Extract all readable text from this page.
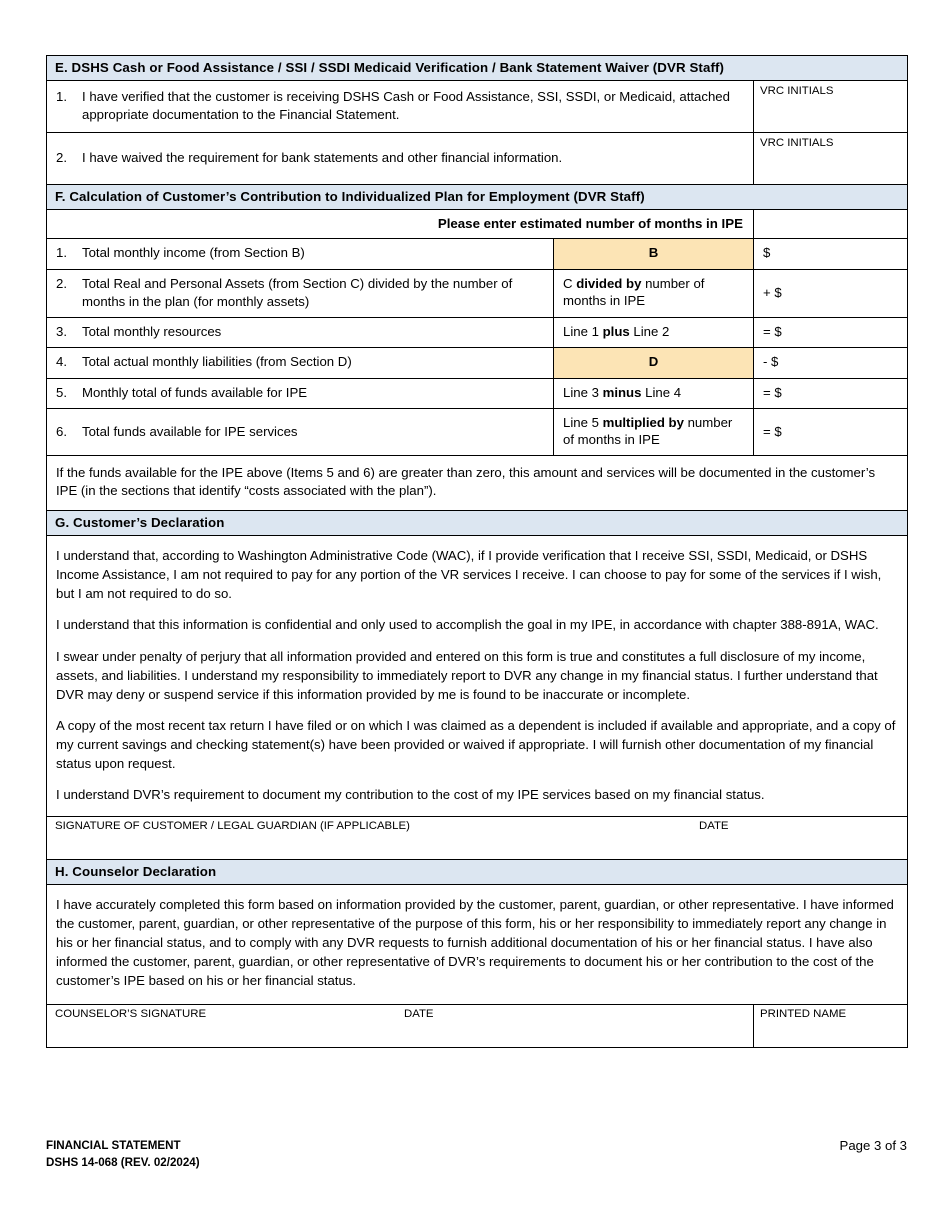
E. DSHS Cash or Food Assistance / SSI / SSDI Medicaid Verification / Bank Statement Waiver (DVR Staff)		

1. I have verified that the customer is receiving DSHS Cash or Food Assistance, SSI, SSDI, or Medicaid, attached appropriate documentation to the Financial Statement.		VRC INITIALS

2. I have waived the requirement for bank statements and other financial information.		VRC INITIALS

F. Calculation of Customer’s Contribution to Individualized Plan for Employment (DVR Staff)		
Please enter estimated number of months in IPE		

1. Total monthly income (from Section B)	B	$

2. Total Real and Personal Assets (from Section C) divided by the number of months in the plan (for monthly assets)	C divided by number of months in IPE	+ $

3. Total monthly resources	Line 1 plus Line 2	= $

4. Total actual monthly liabilities (from Section D)	D	- $

5. Monthly total of funds available for IPE	Line 3 minus Line 4	= $

6. Total funds available for IPE services	Line 5 multiplied by number of months in IPE	= $
If the funds available for the IPE above (Items 5 and 6) are greater than zero, this amount and services will be documented in the customer’s IPE (in the sections that identify “costs associated with the plan”).		
G. Customer’s Declaration		

I understand that, according to Washington Administrative Code (WAC), if I provide verification that I receive SSI, SSDI, Medicaid, or DSHS Income Assistance, I am not required to pay for any portion of the VR services I receive. I can choose to pay for some of the services if I wish, but I am not required to do so.

I understand that this information is confidential and only used to accomplish the goal in my IPE, in accordance with chapter 388-891A, WAC.

I swear under penalty of perjury that all information provided and entered on this form is true and constitutes a full disclosure of my income, assets, and liabilities. I understand my responsibility to immediately report to DVR any change in my financial status. I further understand that DVR may deny or suspend service if this information provided by me is found to be inaccurate or incomplete.

A copy of the most recent tax return I have filed or on which I was claimed as a dependent is included if available and appropriate, and a copy of my current savings and checking statement(s) have been provided or waived if appropriate. I will furnish other documentation of my financial status upon request.

I understand DVR’s requirement to document my contribution to the cost of my IPE services based on my financial status.		

SIGNATURE OF CUSTOMER / LEGAL GUARDIAN (IF APPLICABLE) DATE		

H. Counselor Declaration		

I have accurately completed this form based on information provided by the customer, parent, guardian, or other representative. I have informed the customer, parent, guardian, or other representative of the purpose of this form, his or her responsibility to immediately report any change in his or her financial status, and to comply with any DVR requests to furnish additional documentation of his or her financial status. I have also informed the customer, parent, guardian, or other representative of DVR’s requirements to document his or her contribution to the cost of the customer’s IPE based on his or her financial status.		

COUNSELOR’S SIGNATURE DATE		PRINTED NAME
FINANCIAL STATEMENT
DSHS 14-068 (REV. 02/2024)
Page 3 of 3
